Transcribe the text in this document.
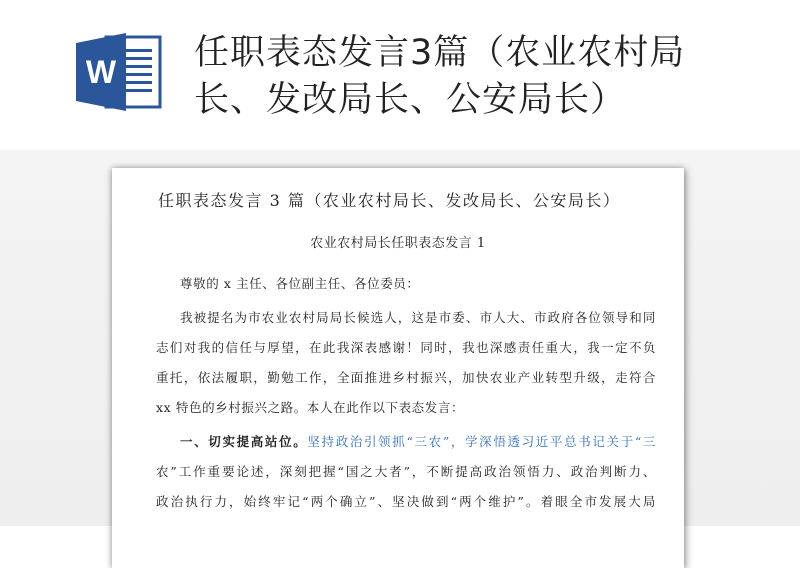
W 任职表态发言3篇（农业农村局
长、发改局长、公安局长）
任职表态发言 3 篇（农业农村局长、发改局长、公安局长）
农业农村局长任职表态发言 1
尊敬的 x 主任、各位副主任、各位委员：
我被提名为市农业农村局局长候选人，这是市委、市人大、市政府各位领导和同
志们对我的信任与厚望，在此我深表感谢！同时，我也深感责任重大，我一定不负
重托，依法履职，勤勉工作，全面推进乡村振兴，加快农业产业转型升级，走符合
xx 特色的乡村振兴之路。本人在此作以下表态发言：
一、切实提高站位。坚持政治引领抓“三农”，学深悟透习近平总书记关于“三
农”工作重要论述，深刻把握“国之大者”，不断提高政治领悟力、政治判断力、
政治执行力，始终牢记“两个确立”、坚决做到“两个维护”。着眼全市发展大局
